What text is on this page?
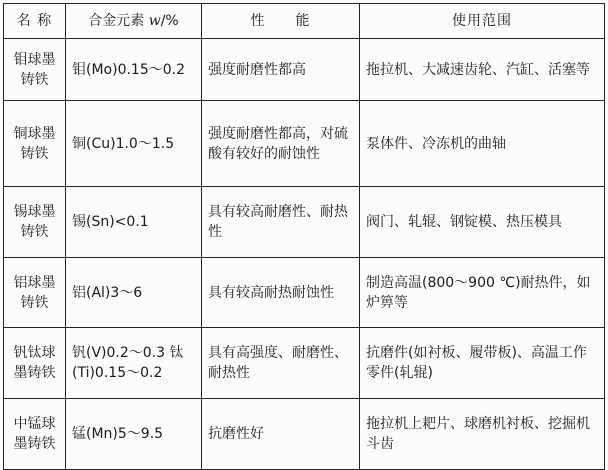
名 称	合金元素 w/%	性　　能	使用范围
钼球墨铸铁	钼(Mo)0.15～0.2	强度耐磨性都高	拖拉机、大减速齿轮、汽缸、活塞等
铜球墨铸铁	铜(Cu)1.0～1.5	强度耐磨性都高，对硫酸有较好的耐蚀性	泵体件、冷冻机的曲轴
锡球墨铸铁	锡(Sn)<0.1	具有较高耐磨性、耐热性	阀门、轧辊、钢锭模、热压模具
铝球墨铸铁	铝(Al)3～6	具有较高耐热耐蚀性	制造高温(800～900 ℃)耐热件，如炉箅等
钒钛球墨铸铁	钒(V)0.2～0.3 钛(Ti)0.15～0.2	具有高强度、耐磨性、耐热性	抗磨件(如衬板、履带板)、高温工作零件(轧辊)
中锰球墨铸铁	锰(Mn)5～9.5	抗磨性好	拖拉机上耙片、球磨机衬板、挖掘机斗齿
